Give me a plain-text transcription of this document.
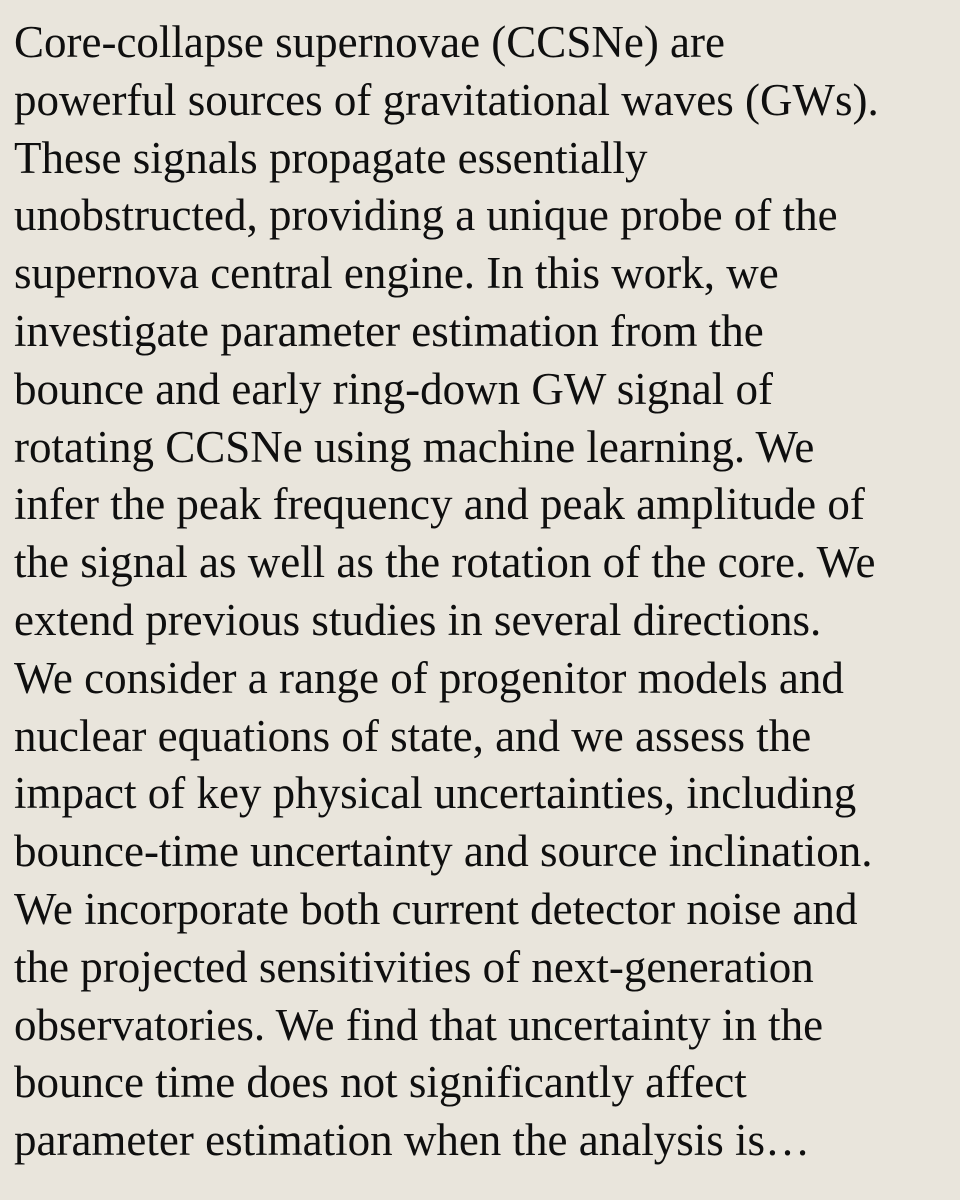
Core-collapse supernovae (CCSNe) are
powerful sources of gravitational waves (GWs).
These signals propagate essentially
unobstructed, providing a unique probe of the
supernova central engine. In this work, we
investigate parameter estimation from the
bounce and early ring-down GW signal of
rotating CCSNe using machine learning. We
infer the peak frequency and peak amplitude of
the signal as well as the rotation of the core. We
extend previous studies in several directions.
We consider a range of progenitor models and
nuclear equations of state, and we assess the
impact of key physical uncertainties, including
bounce-time uncertainty and source inclination.
We incorporate both current detector noise and
the projected sensitivities of next-generation
observatories. We find that uncertainty in the
bounce time does not significantly affect
parameter estimation when the analysis is…
